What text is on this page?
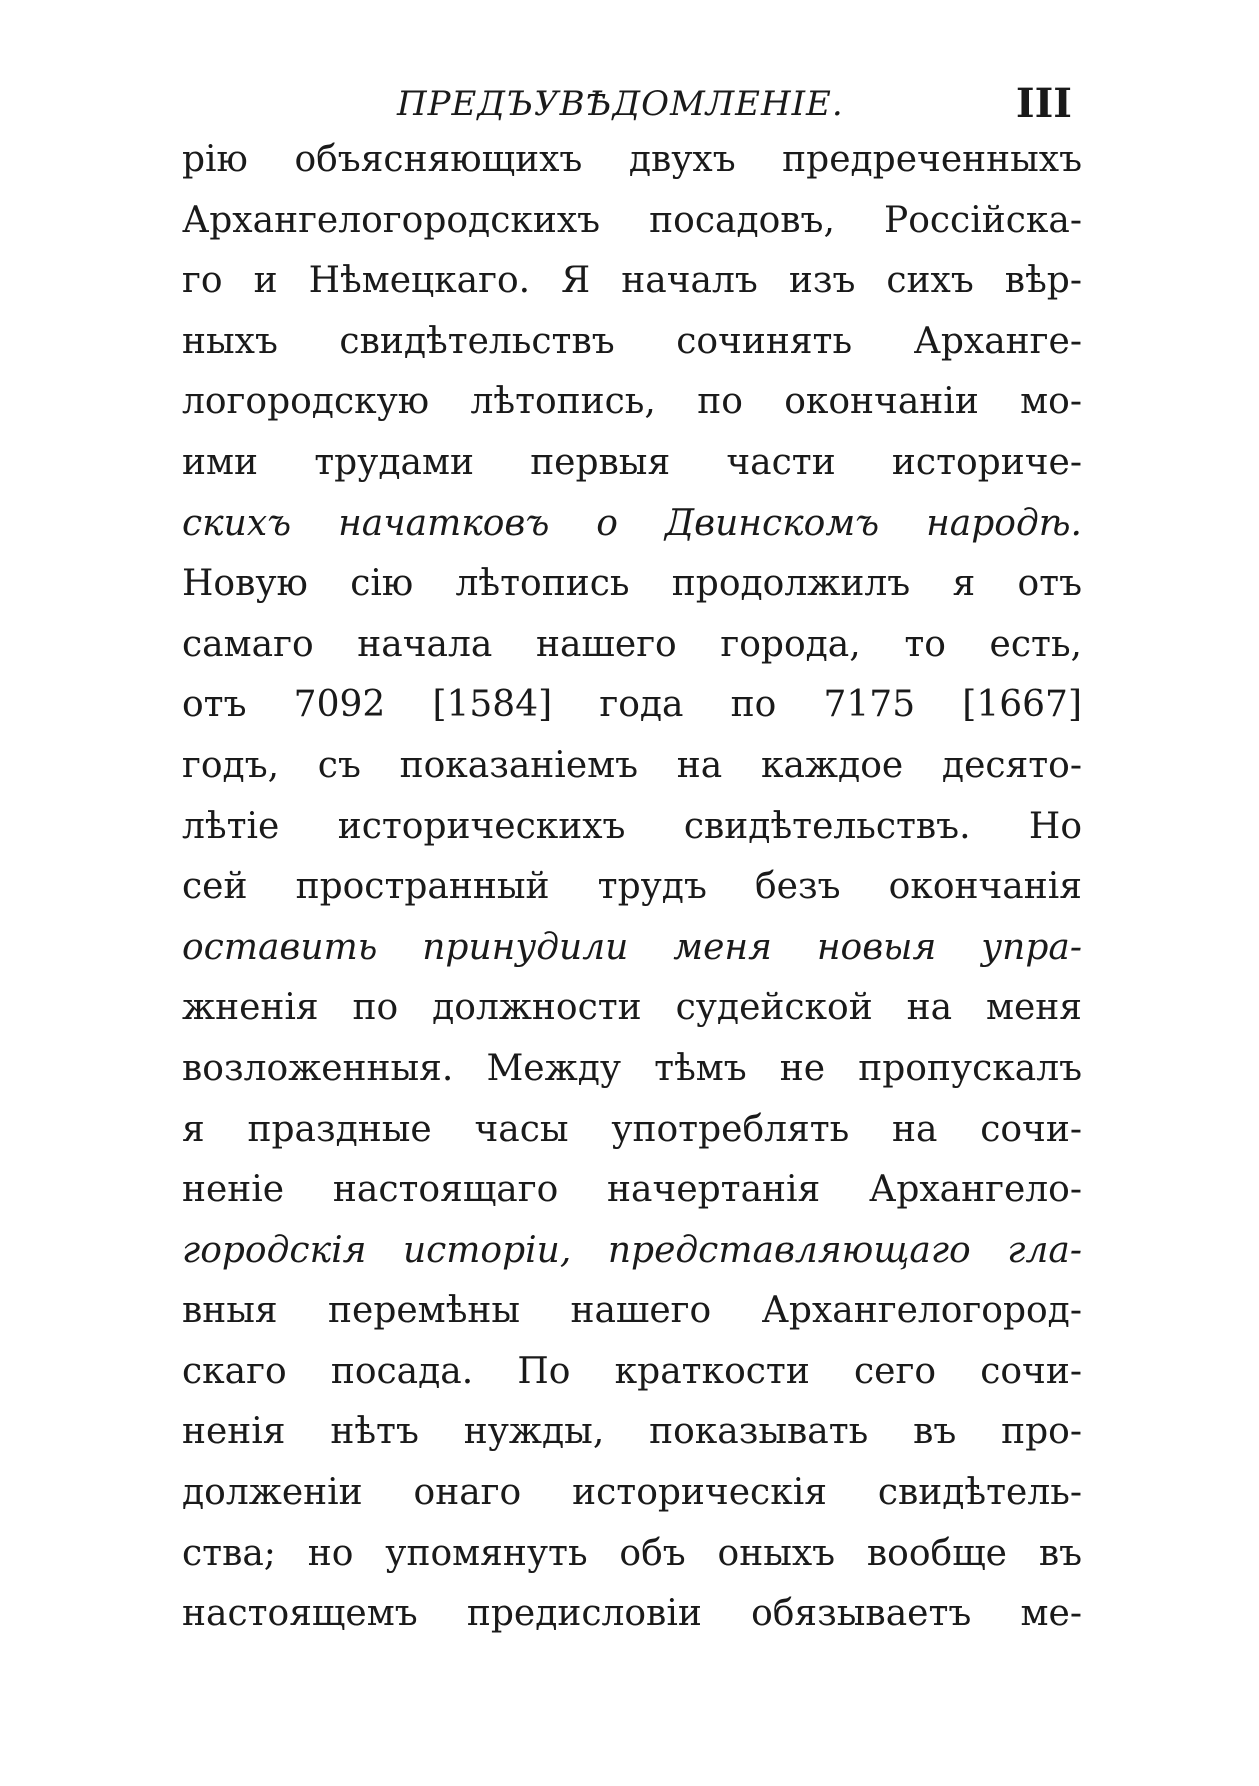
ПРЕДЪУВѢДОМЛЕНІЕ.	III
рію объясняющихъ двухъ предреченныхъ
Архангелогородскихъ посадовъ, Россійска-
го и Нѣмецкаго. Я началъ изъ сихъ вѣр-
ныхъ свидѣтельствъ сочинять Арханге-
логородскую лѣтопись, по окончаніи мо-
ими трудами первыя части историче-
скихъ начатковъ о Двинскомъ народѣ.
Новую сію лѣтопись продолжилъ я отъ
самаго начала нашего города, то есть,
отъ 7092 [1584] года по 7175 [1667]
годъ, съ показаніемъ на каждое десято-
лѣтіе историческихъ свидѣтельствъ. Но
сей пространный трудъ безъ окончанія
оставить принудили меня новыя упра-
жненія по должности судейской на меня
возложенныя. Между тѣмъ не пропускалъ
я праздные часы употреблять на сочи-
неніе настоящаго начертанія Архангело-
городскія исторіи, представляющаго гла-
вныя перемѣны нашего Архангелогород-
скаго посада. По краткости сего сочи-
ненія нѣтъ нужды, показывать въ про-
долженіи онаго историческія свидѣтель-
ства; но упомянуть объ оныхъ вообще въ
настоящемъ предисловіи обязываетъ ме-
